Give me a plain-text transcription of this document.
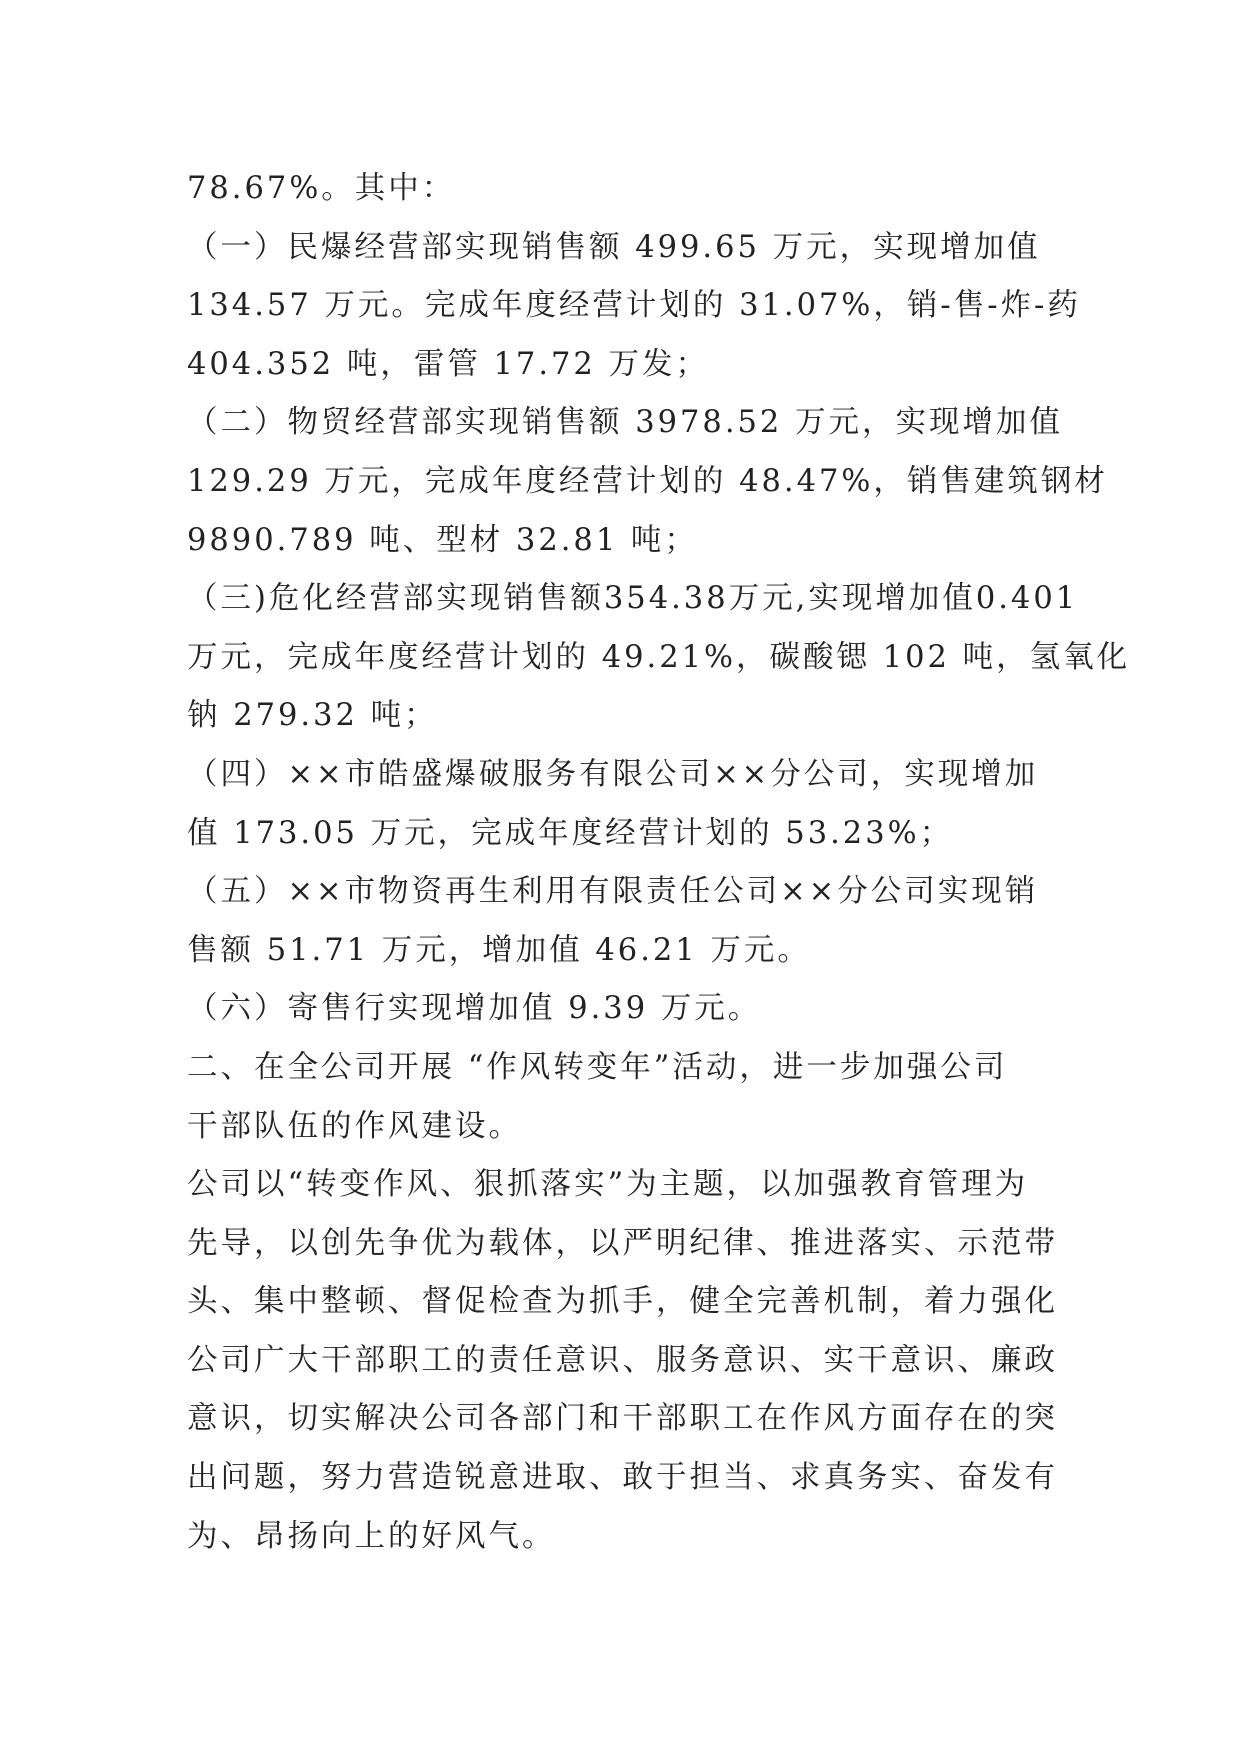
78.67%。其中：
（一）民爆经营部实现销售额 499.65 万元，实现增加值
134.57 万元。完成年度经营计划的 31.07%，销-售-炸-药
404.352 吨，雷管 17.72 万发；
（二）物贸经营部实现销售额 3978.52 万元，实现增加值
129.29 万元，完成年度经营计划的 48.47%，销售建筑钢材
9890.789 吨、型材 32.81 吨；
（三)危化经营部实现销售额354.38万元,实现增加值0.401
万元，完成年度经营计划的 49.21%，碳酸锶 102 吨，氢氧化
钠 279.32 吨；
（四）××市皓盛爆破服务有限公司××分公司，实现增加
值 173.05 万元，完成年度经营计划的 53.23%；
（五）××市物资再生利用有限责任公司××分公司实现销
售额 51.71 万元，增加值 46.21 万元。
（六）寄售行实现增加值 9.39 万元。
二、在全公司开展 “作风转变年”活动，进一步加强公司
干部队伍的作风建设。
公司以“转变作风、狠抓落实”为主题，以加强教育管理为
先导，以创先争优为载体，以严明纪律、推进落实、示范带
头、集中整顿、督促检查为抓手，健全完善机制，着力强化
公司广大干部职工的责任意识、服务意识、实干意识、廉政
意识，切实解决公司各部门和干部职工在作风方面存在的突
出问题，努力营造锐意进取、敢于担当、求真务实、奋发有
为、昂扬向上的好风气。
